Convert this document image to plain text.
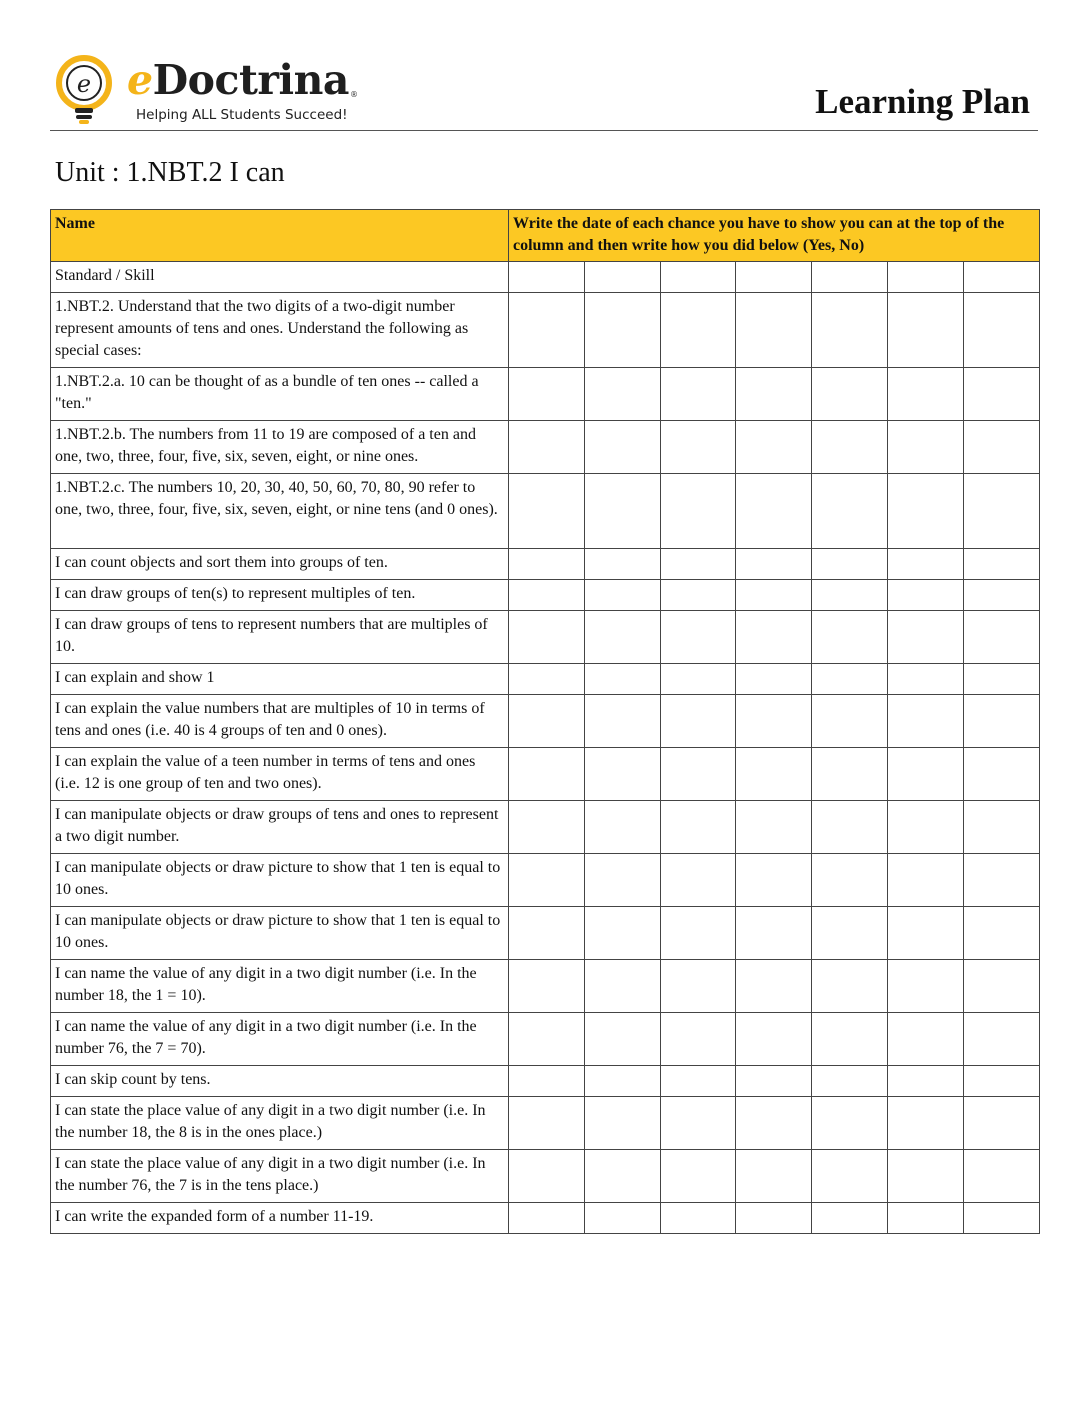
e eDoctrina ®
Helping ALL Students Succeed!	Learning Plan
Unit : 1.NBT.2 I can
Name	Write the date of each chance you have to show you can at the top of the column and then write how you did below (Yes, No)						
Standard / Skill							
1.NBT.2. Understand that the two digits of a two-digit number represent amounts of tens and ones. Understand the following as special cases:							
1.NBT.2.a. 10 can be thought of as a bundle of ten ones -- called a "ten."							
1.NBT.2.b. The numbers from 11 to 19 are composed of a ten and one, two, three, four, five, six, seven, eight, or nine ones.							
1.NBT.2.c. The numbers 10, 20, 30, 40, 50, 60, 70, 80, 90 refer to one, two, three, four, five, six, seven, eight, or nine tens (and 0 ones).							
I can count objects and sort them into groups of ten.							
I can draw groups of ten(s) to represent multiples of ten.							
I can draw groups of tens to represent numbers that are multiples of 10.							
I can explain and show 1							
I can explain the value numbers that are multiples of 10 in terms of tens and ones (i.e. 40 is 4 groups of ten and 0 ones).							
I can explain the value of a teen number in terms of tens and ones (i.e. 12 is one group of ten and two ones).							
I can manipulate objects or draw groups of tens and ones to represent a two digit number.							
I can manipulate objects or draw picture to show that 1 ten is equal to 10 ones.							
I can manipulate objects or draw picture to show that 1 ten is equal to 10 ones.							
I can name the value of any digit in a two digit number (i.e. In the number 18, the 1 = 10).							
I can name the value of any digit in a two digit number (i.e. In the number 76, the 7 = 70).							
I can skip count by tens.							
I can state the place value of any digit in a two digit number (i.e. In the number 18, the 8 is in the ones place.)							
I can state the place value of any digit in a two digit number (i.e. In the number 76, the 7 is in the tens place.)							
I can write the expanded form of a number 11-19.							
